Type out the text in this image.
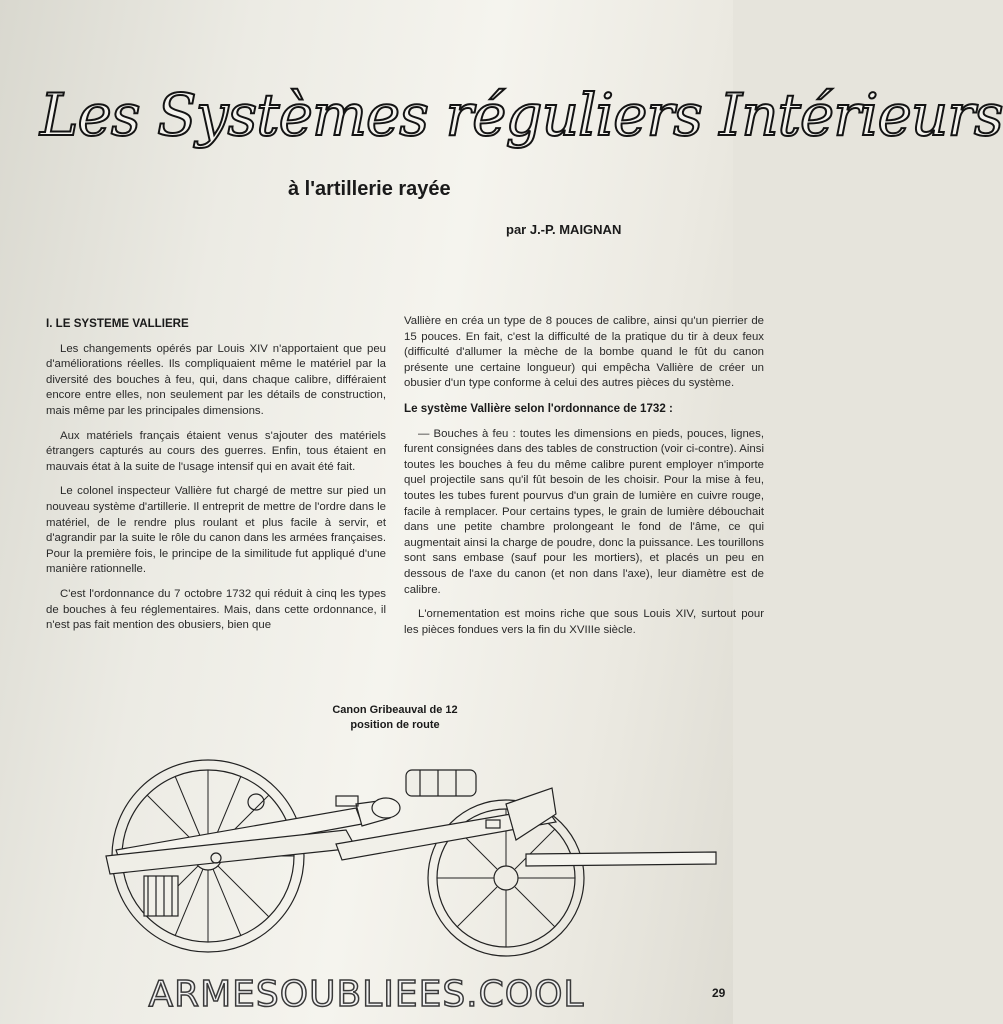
Les Systèmes réguliers Intérieurs
à l'artillerie rayée
par J.-P. MAIGNAN
I. LE SYSTEME VALLIERE

Les changements opérés par Louis XIV n'apportaient que peu d'améliorations réelles. Ils compliquaient même le matériel par la diversité des bouches à feu, qui, dans chaque calibre, différaient encore entre elles, non seulement par les détails de construction, mais même par les principales dimensions.

Aux matériels français étaient venus s'ajouter des matériels étrangers capturés au cours des guerres. Enfin, tous étaient en mauvais état à la suite de l'usage intensif qui en avait été fait.

Le colonel inspecteur Vallière fut chargé de mettre sur pied un nouveau système d'artillerie. Il entreprit de mettre de l'ordre dans le matériel, de le rendre plus roulant et plus facile à servir, et d'agrandir par la suite le rôle du canon dans les armées françaises. Pour la première fois, le principe de la similitude fut appliqué d'une manière rationnelle.

C'est l'ordonnance du 7 octobre 1732 qui réduit à cinq les types de bouches à feu réglementaires. Mais, dans cette ordonnance, il n'est pas fait mention des obusiers, bien que

Vallière en créa un type de 8 pouces de calibre, ainsi qu'un pierrier de 15 pouces. En fait, c'est la difficulté de la pratique du tir à deux feux (difficulté d'allumer la mèche de la bombe quand le fût du canon présente une certaine longueur) qui empêcha Vallière de créer un obusier d'un type conforme à celui des autres pièces du système.

Le système Vallière selon l'ordonnance de 1732 :

— Bouches à feu : toutes les dimensions en pieds, pouces, lignes, furent consignées dans des tables de construction (voir ci-contre). Ainsi toutes les bouches à feu du même calibre purent employer n'importe quel projectile sans qu'il fût besoin de les choisir. Pour la mise à feu, toutes les tubes furent pourvus d'un grain de lumière en cuivre rouge, facile à remplacer. Pour certains types, le grain de lumière débouchait dans une petite chambre prolongeant le fond de l'âme, ce qui augmentait ainsi la charge de poudre, donc la puissance. Les tourillons sont sans embase (sauf pour les mortiers), et placés un peu en dessous de l'axe du canon (et non dans l'axe), leur diamètre est de calibre.

L'ornementation est moins riche que sous Louis XIV, surtout pour les pièces fondues vers la fin du XVIIIe siècle.

Canon Gribeauval de 12
position de route
29
ARMESOUBLIEES.COOL
